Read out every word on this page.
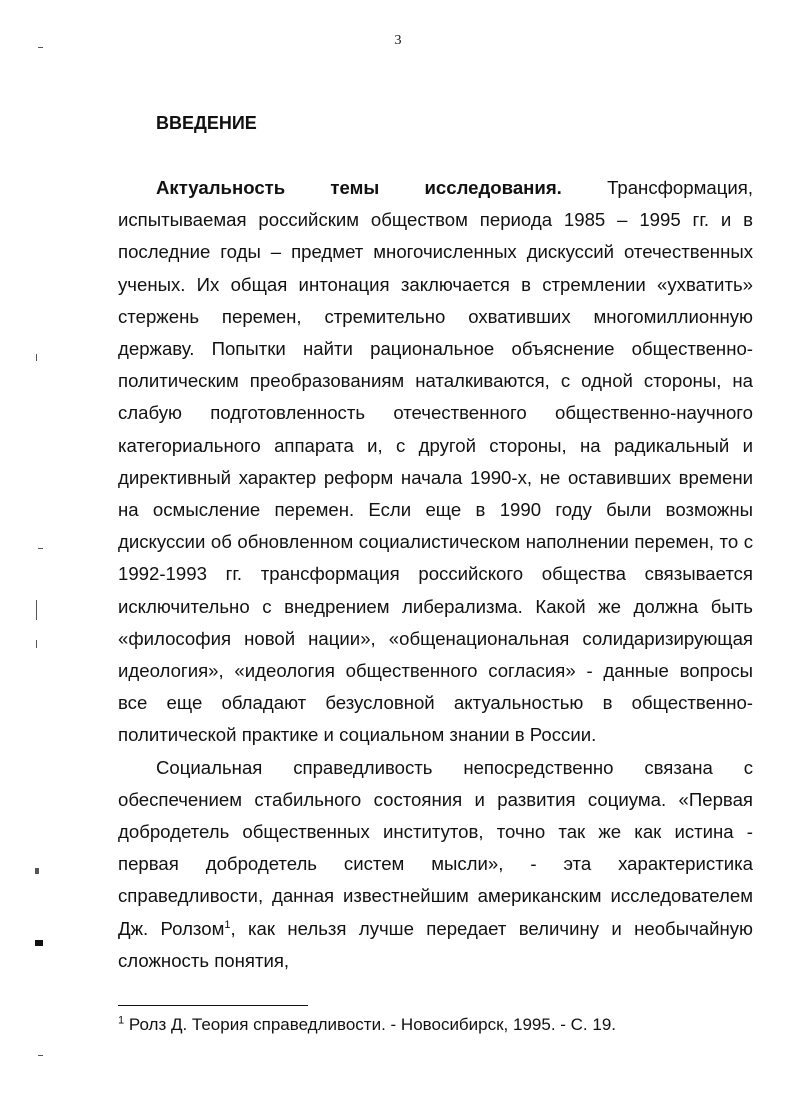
3
ВВЕДЕНИЕ

Актуальность темы исследования. Трансформация, испытываемая российским обществом периода 1985 – 1995 гг. и в последние годы – предмет многочисленных дискуссий отечественных ученых. Их общая интонация заключается в стремлении «ухватить» стержень перемен, стремительно охвативших многомиллионную державу. Попытки найти рациональное объяснение общественно-политическим преобразованиям наталкиваются, с одной стороны, на слабую подготовленность отечественного общественно-научного категориального аппарата и, с другой стороны, на радикальный и директивный характер реформ начала 1990-х, не оставивших времени на осмысление перемен. Если еще в 1990 году были возможны дискуссии об обновленном социалистическом наполнении перемен, то с 1992-1993 гг. трансформация российского общества связывается исключительно с внедрением либерализма. Какой же должна быть «философия новой нации», «общенациональная солидаризирующая идеология», «идеология общественного согласия» - данные вопросы все еще обладают безусловной актуальностью в общественно-политической практике и социальном знании в России.

Социальная справедливость непосредственно связана с обеспечением стабильного состояния и развития социума. «Первая добродетель общественных институтов, точно так же как истина - первая добродетель систем мысли», - эта характеристика справедливости, данная известнейшим американским исследователем Дж. Ролзом$^1$, как нельзя лучше передает величину и необычайную сложность понятия,

$^1$ Ролз Д. Теория справедливости. - Новосибирск, 1995. - С. 19.
